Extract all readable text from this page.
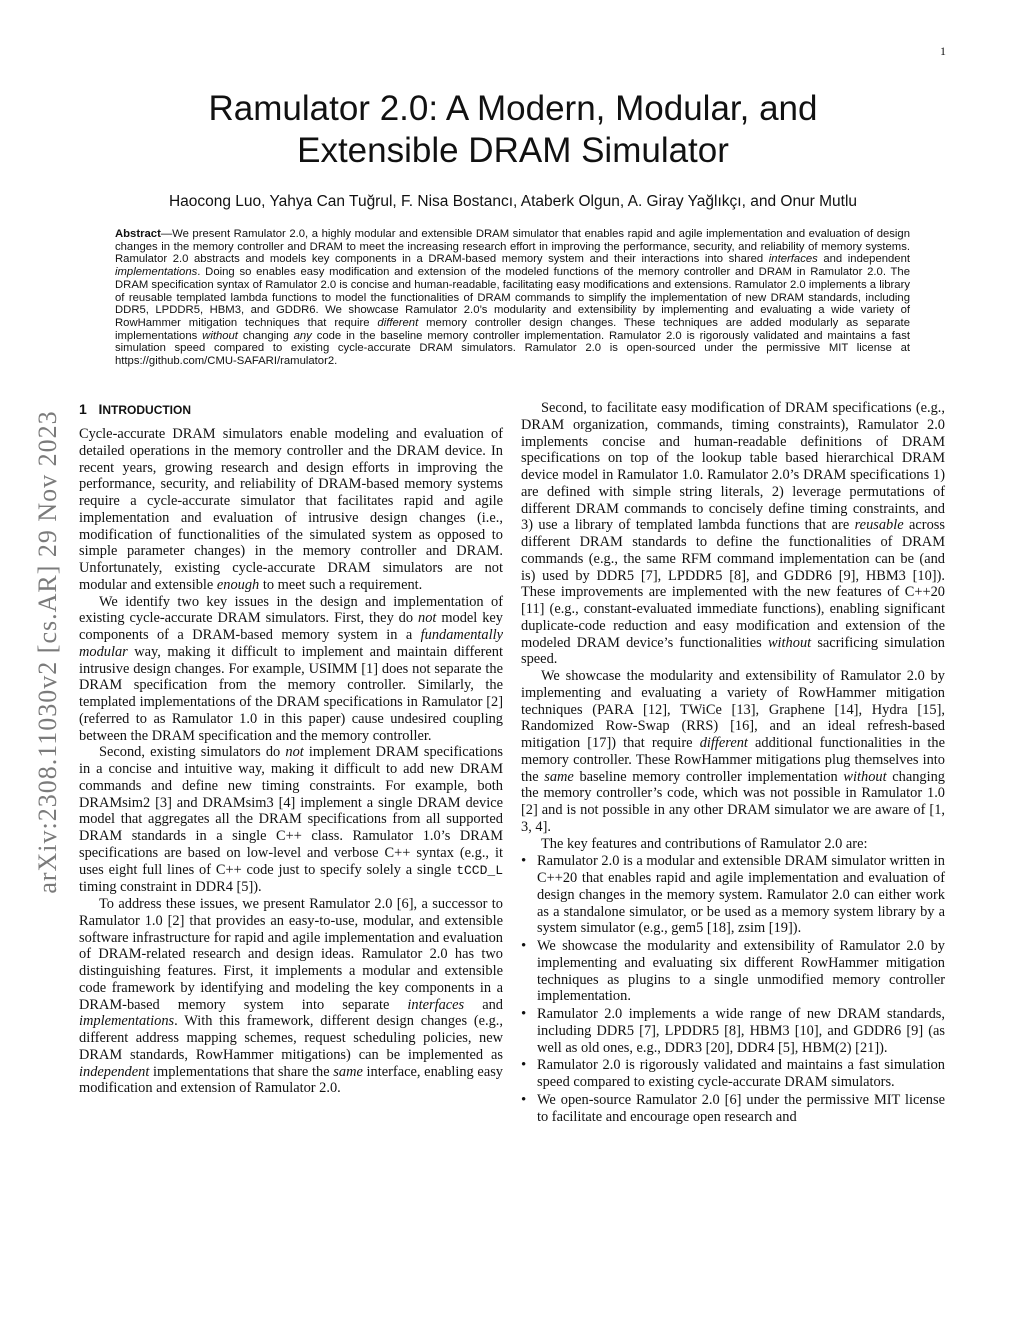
1
arXiv:2308.11030v2 [cs.AR] 29 Nov 2023
Ramulator 2.0: A Modern, Modular, and
Extensible DRAM Simulator
Haocong Luo, Yahya Can Tuğrul, F. Nisa Bostancı, Ataberk Olgun, A. Giray Yağlıkçı, and Onur Mutlu

Abstract—We present Ramulator 2.0, a highly modular and extensible DRAM simulator that enables rapid and agile implementation and evaluation of design changes in the memory controller and DRAM to meet the increasing research effort in improving the performance, security, and reliability of memory systems. Ramulator 2.0 abstracts and models key components in a DRAM-based memory system and their interactions into shared interfaces and independent implementations. Doing so enables easy modification and extension of the modeled functions of the memory controller and DRAM in Ramulator 2.0. The DRAM specification syntax of Ramulator 2.0 is concise and human-readable, facilitating easy modifications and extensions. Ramulator 2.0 implements a library of reusable templated lambda functions to model the functionalities of DRAM commands to simplify the implementation of new DRAM standards, including DDR5, LPDDR5, HBM3, and GDDR6. We showcase Ramulator 2.0’s modularity and extensibility by implementing and evaluating a wide variety of RowHammer mitigation techniques that require different memory controller design changes. These techniques are added modularly as separate implementations without changing any code in the baseline memory controller implementation. Ramulator 2.0 is rigorously validated and maintains a fast simulation speed compared to existing cycle-accurate DRAM simulators. Ramulator 2.0 is open-sourced under the permissive MIT license at https://github.com/CMU-SAFARI/ramulator2.

1 INTRODUCTION

Cycle-accurate DRAM simulators enable modeling and evaluation of detailed operations in the memory controller and the DRAM device. In recent years, growing research and design efforts in improving the performance, security, and reliability of DRAM-based memory systems require a cycle-accurate simulator that facilitates rapid and agile implementation and evaluation of intrusive design changes (i.e., modification of functionalities of the simulated system as opposed to simple parameter changes) in the memory controller and DRAM. Unfortunately, existing cycle-accurate DRAM simulators are not modular and extensible enough to meet such a requirement.

We identify two key issues in the design and implementation of existing cycle-accurate DRAM simulators. First, they do not model key components of a DRAM-based memory system in a fundamentally modular way, making it difficult to implement and maintain different intrusive design changes. For example, USIMM [1] does not separate the DRAM specification from the memory controller. Similarly, the templated implementations of the DRAM specifications in Ramulator [2] (referred to as Ramulator 1.0 in this paper) cause undesired coupling between the DRAM specification and the memory controller.

Second, existing simulators do not implement DRAM specifications in a concise and intuitive way, making it difficult to add new DRAM commands and define new timing constraints. For example, both DRAMsim2 [3] and DRAMsim3 [4] implement a single DRAM device model that aggregates all the DRAM specifications from all supported DRAM standards in a single C++ class. Ramulator 1.0’s DRAM specifications are based on low-level and verbose C++ syntax (e.g., it uses eight full lines of C++ code just to specify solely a single tCCD_L timing constraint in DDR4 [5]).

To address these issues, we present Ramulator 2.0 [6], a successor to Ramulator 1.0 [2] that provides an easy-to-use, modular, and extensible software infrastructure for rapid and agile implementation and evaluation of DRAM-related research and design ideas. Ramulator 2.0 has two distinguishing features. First, it implements a modular and extensible code framework by identifying and modeling the key components in a DRAM-based memory system into separate interfaces and implementations. With this framework, different design changes (e.g., different address mapping schemes, request scheduling policies, new DRAM standards, RowHammer mitigations) can be implemented as independent implementations that share the same interface, enabling easy modification and extension of Ramulator 2.0.

Second, to facilitate easy modification of DRAM specifications (e.g., DRAM organization, commands, timing constraints), Ramulator 2.0 implements concise and human-readable definitions of DRAM specifications on top of the lookup table based hierarchical DRAM device model in Ramulator 1.0. Ramulator 2.0’s DRAM specifications 1) are defined with simple string literals, 2) leverage permutations of different DRAM commands to concisely define timing constraints, and 3) use a library of templated lambda functions that are reusable across different DRAM standards to define the functionalities of DRAM commands (e.g., the same RFM command implementation can be (and is) used by DDR5 [7], LPDDR5 [8], and GDDR6 [9], HBM3 [10]). These improvements are implemented with the new features of C++20 [11] (e.g., constant-evaluated immediate functions), enabling significant duplicate-code reduction and easy modification and extension of the modeled DRAM device’s functionalities without sacrificing simulation speed.

We showcase the modularity and extensibility of Ramulator 2.0 by implementing and evaluating a variety of RowHammer mitigation techniques (PARA [12], TWiCe [13], Graphene [14], Hydra [15], Randomized Row-Swap (RRS) [16], and an ideal refresh-based mitigation [17]) that require different additional functionalities in the memory controller. These RowHammer mitigations plug themselves into the same baseline memory controller implementation without changing the memory controller’s code, which was not possible in Ramulator 1.0 [2] and is not possible in any other DRAM simulator we are aware of [1, 3, 4].

The key features and contributions of Ramulator 2.0 are:

• Ramulator 2.0 is a modular and extensible DRAM simulator written in C++20 that enables rapid and agile implementation and evaluation of design changes in the memory system. Ramulator 2.0 can either work as a standalone simulator, or be used as a memory system library by a system simulator (e.g., gem5 [18], zsim [19]).
• We showcase the modularity and extensibility of Ramulator 2.0 by implementing and evaluating six different RowHammer mitigation techniques as plugins to a single unmodified memory controller implementation.
• Ramulator 2.0 implements a wide range of new DRAM standards, including DDR5 [7], LPDDR5 [8], HBM3 [10], and GDDR6 [9] (as well as old ones, e.g., DDR3 [20], DDR4 [5], HBM(2) [21]).
• Ramulator 2.0 is rigorously validated and maintains a fast simulation speed compared to existing cycle-accurate DRAM simulators.
• We open-source Ramulator 2.0 [6] under the permissive MIT license to facilitate and encourage open research and
